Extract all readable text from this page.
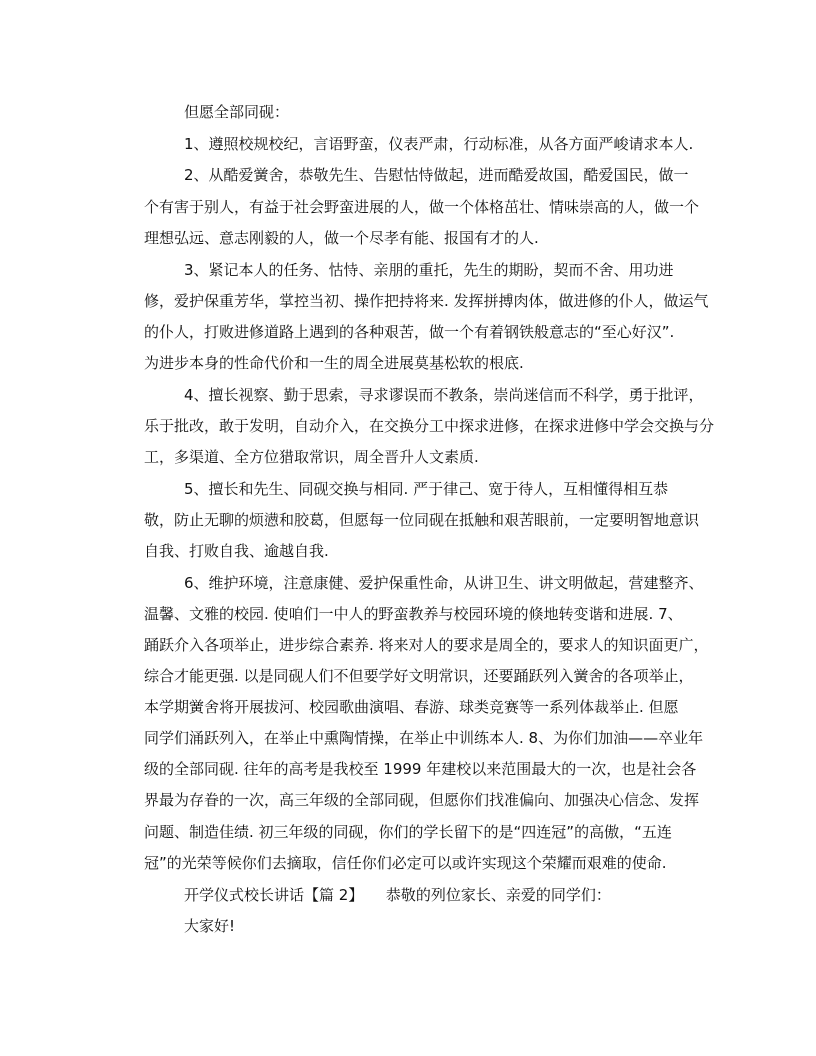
但愿全部同砚：
1、遵照校规校纪，言语野蛮，仪表严肃，行动标准，从各方面严峻请求本人.
2、从酷爱黉舍，恭敬先生、告慰怙恃做起，进而酷爱故国，酷爱国民，做一
个有害于别人，有益于社会野蛮进展的人，做一个体格茁壮、情味崇高的人，做一个
理想弘远、意志刚毅的人，做一个尽孝有能、报国有才的人.
3、紧记本人的任务、怙恃、亲朋的重托，先生的期盼，契而不舍、用功进
修，爱护保重芳华，掌控当初、操作把持将来. 发挥拼搏肉体，做进修的仆人，做运气
的仆人，打败进修道路上遇到的各种艰苦，做一个有着钢铁般意志的“至心好汉”.
为进步本身的性命代价和一生的周全进展莫基松软的根底.
4、擅长视察、勤于思索，寻求谬误而不教条，崇尚迷信而不科学，勇于批评，
乐于批改，敢于发明，自动介入，在交换分工中探求进修，在探求进修中学会交换与分
工，多渠道、全方位猎取常识，周全晋升人文素质.
5、擅长和先生、同砚交换与相同. 严于律己、宽于待人，互相懂得相互恭
敬，防止无聊的烦懑和胶葛，但愿每一位同砚在抵触和艰苦眼前，一定要明智地意识
自我、打败自我、逾越自我.
6、维护环境，注意康健、爱护保重性命，从讲卫生、讲文明做起，营建整齐、
温馨、文雅的校园. 使咱们一中人的野蛮教养与校园环境的倏地转变谐和进展. 7、
踊跃介入各项举止，进步综合素养. 将来对人的要求是周全的，要求人的知识面更广，
综合才能更强. 以是同砚人们不但要学好文明常识，还要踊跃列入黉舍的各项举止，
本学期黉舍将开展拔河、校园歌曲演唱、春游、球类竞赛等一系列体裁举止. 但愿
同学们涌跃列入，在举止中熏陶情操，在举止中训练本人. 8、为你们加油——卒业年
级的全部同砚. 往年的高考是我校至 1999 年建校以来范围最大的一次，也是社会各
界最为存眷的一次，高三年级的全部同砚，但愿你们找准偏向、加强决心信念、发挥
问题、制造佳绩. 初三年级的同砚，你们的学长留下的是“四连冠”的高傲，“五连
冠”的光荣等候你们去摘取，信任你们必定可以或许实现这个荣耀而艰难的使命.
开学仪式校长讲话【篇 2】　　恭敬的列位家长、亲爱的同学们：
大家好!
